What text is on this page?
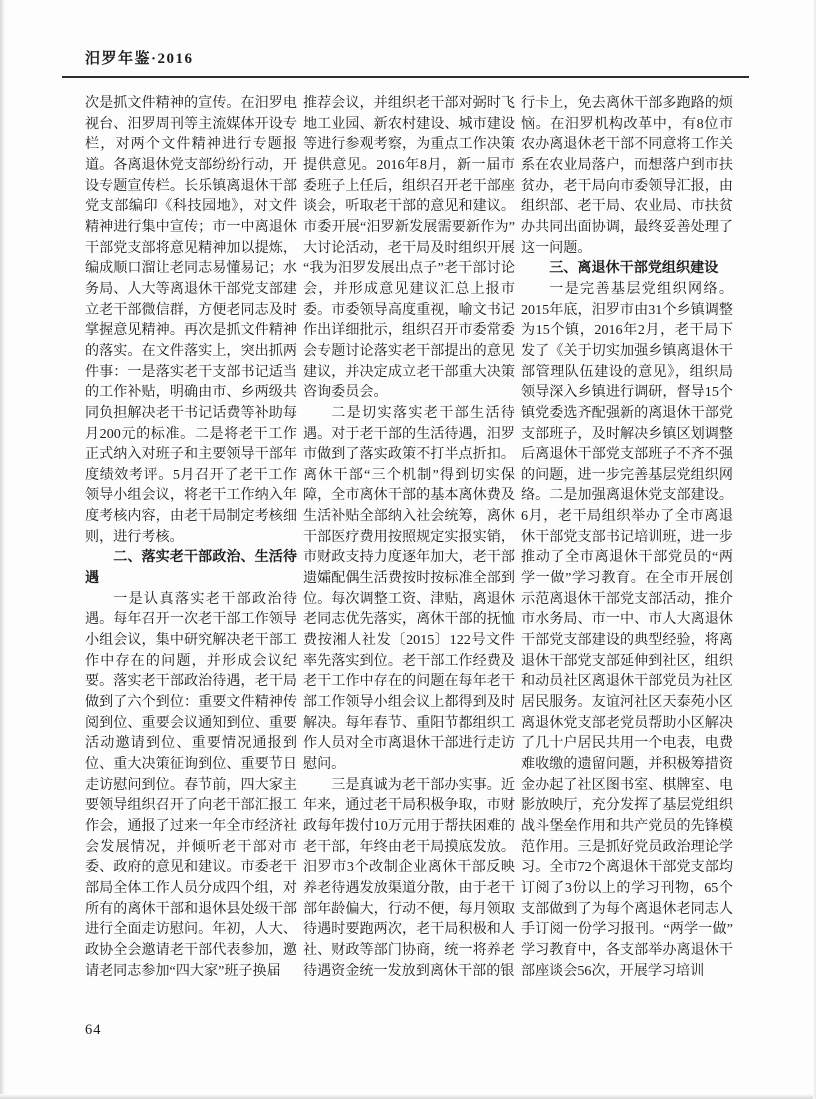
汨罗年鉴·2016

次是抓文件精神的宣传。在汨罗电视台、汨罗周刊等主流媒体开设专栏，对两个文件精神进行专题报道。各离退休党支部纷纷行动，开设专题宣传栏。长乐镇离退休干部党支部编印《科技园地》，对文件精神进行集中宣传；市一中离退休干部党支部将意见精神加以提炼，编成顺口溜让老同志易懂易记；水务局、人大等离退休干部党支部建立老干部微信群，方便老同志及时掌握意见精神。再次是抓文件精神的落实。在文件落实上，突出抓两件事：一是落实老干支部书记适当的工作补贴，明确由市、乡两级共同负担解决老干书记话费等补助每月200元的标准。二是将老干工作正式纳入对班子和主要领导干部年度绩效考评。5月召开了老干工作领导小组会议，将老干工作纳入年度考核内容，由老干局制定考核细则，进行考核。

二、落实老干部政治、生活待遇

一是认真落实老干部政治待遇。每年召开一次老干部工作领导小组会议，集中研究解决老干部工作中存在的问题，并形成会议纪要。落实老干部政治待遇，老干局做到了六个到位：重要文件精神传阅到位、重要会议通知到位、重要活动邀请到位、重要情况通报到位、重大决策征询到位、重要节日走访慰问到位。春节前，四大家主要领导组织召开了向老干部汇报工作会，通报了过来一年全市经济社会发展情况，并倾听老干部对市委、政府的意见和建议。市委老干部局全体工作人员分成四个组，对所有的离休干部和退休县处级干部进行全面走访慰问。年初，人大、政协全会邀请老干部代表参加，邀请老同志参加“四大家”班子换届

推荐会议，并组织老干部对弼时飞地工业园、新农村建设、城市建设等进行参观考察，为重点工作决策提供意见。2016年8月，新一届市委班子上任后，组织召开老干部座谈会，听取老干部的意见和建议。市委开展“汨罗新发展需要新作为”大讨论活动，老干局及时组织开展“我为汨罗发展出点子”老干部讨论会，并形成意见建议汇总上报市委。市委领导高度重视，喻文书记作出详细批示，组织召开市委常委会专题讨论落实老干部提出的意见建议，并决定成立老干部重大决策咨询委员会。

二是切实落实老干部生活待遇。对于老干部的生活待遇，汨罗市做到了落实政策不打半点折扣。离休干部“三个机制”得到切实保障，全市离休干部的基本离休费及生活补贴全部纳入社会统筹，离休干部医疗费用按照规定实报实销，市财政支持力度逐年加大，老干部遗孀配偶生活费按时按标准全部到位。每次调整工资、津贴，离退休老同志优先落实，离休干部的抚恤费按湘人社发〔2015〕122号文件率先落实到位。老干部工作经费及老干工作中存在的问题在每年老干部工作领导小组会议上都得到及时解决。每年春节、重阳节都组织工作人员对全市离退休干部进行走访慰问。

三是真诚为老干部办实事。近年来，通过老干局积极争取，市财政每年拨付10万元用于帮扶困难的老干部，年终由老干局摸底发放。汨罗市3个改制企业离休干部反映养老待遇发放渠道分散，由于老干部年龄偏大，行动不便，每月领取待遇时要跑两次，老干局积极和人社、财政等部门协商，统一将养老待遇资金统一发放到离休干部的银

行卡上，免去离休干部多跑路的烦恼。在汨罗机构改革中，有8位市农办离退休老干部不同意将工作关系在农业局落户，而想落户到市扶贫办，老干局向市委领导汇报，由组织部、老干局、农业局、市扶贫办共同出面协调，最终妥善处理了这一问题。

三、离退休干部党组织建设

一是完善基层党组织网络。2015年底，汨罗市由31个乡镇调整为15个镇，2016年2月，老干局下发了《关于切实加强乡镇离退休干部管理队伍建设的意见》，组织局领导深入乡镇进行调研，督导15个镇党委选齐配强新的离退休干部党支部班子，及时解决乡镇区划调整后离退休干部党支部班子不齐不强的问题，进一步完善基层党组织网络。二是加强离退休党支部建设。6月，老干局组织举办了全市离退休干部党支部书记培训班，进一步推动了全市离退休干部党员的“两学一做”学习教育。在全市开展创示范离退休干部党支部活动，推介市水务局、市一中、市人大离退休干部党支部建设的典型经验，将离退休干部党支部延伸到社区，组织和动员社区离退休干部党员为社区居民服务。友谊河社区天泰苑小区离退休党支部老党员帮助小区解决了几十户居民共用一个电表，电费难收缴的遗留问题，并积极筹措资金办起了社区图书室、棋牌室、电影放映厅，充分发挥了基层党组织战斗堡垒作用和共产党员的先锋模范作用。三是抓好党员政治理论学习。全市72个离退休干部党支部均订阅了3份以上的学习刊物，65个支部做到了为每个离退休老同志人手订阅一份学习报刊。“两学一做”学习教育中，各支部举办离退休干部座谈会56次，开展学习培训

64
